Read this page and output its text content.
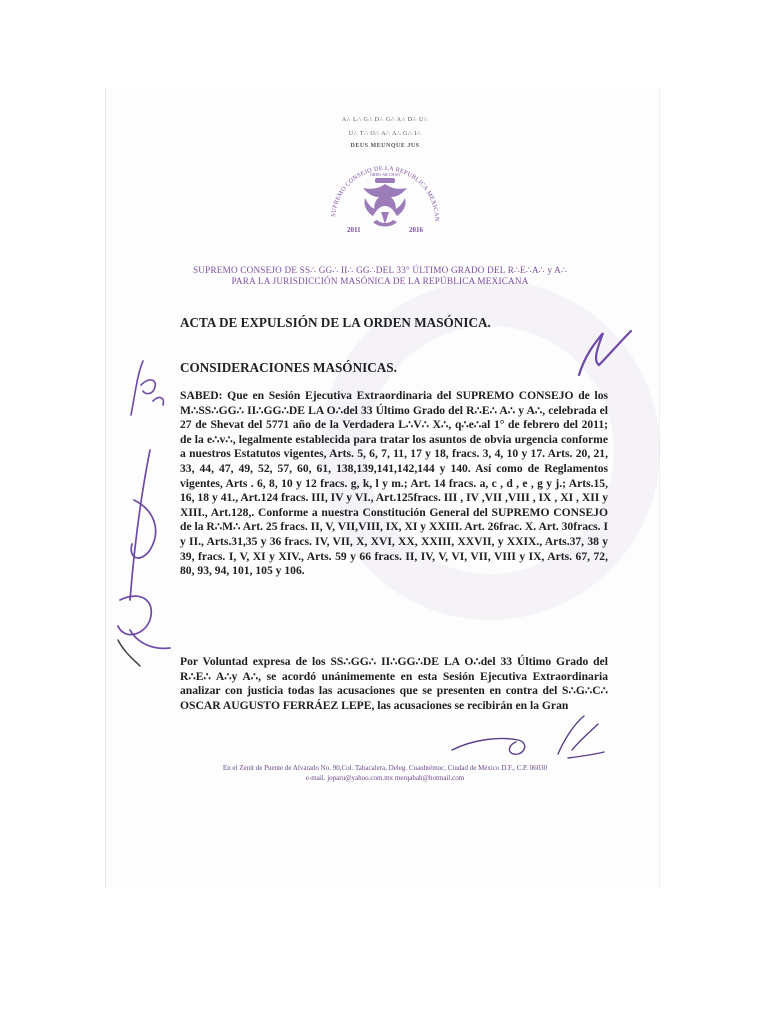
A∴ L∴ G∴ D∴ G∴ A∴ D∴ U∴
U∴ T∴ O∴ A∴ A∴ G∴ I∴
DEUS MEUNQUE JUS
SUPREMO CONSEJO DE LA REPUBLICA MEXICAN
ORDO AB CHAO
2011	2016
SUPREMO CONSEJO DE SS∴ GG∴ II∴ GG∴DEL 33° ÚLTIMO GRADO DEL R∴E∴A∴ y A∴
PARA LA JURISDICCIÓN MASÓNICA DE LA REPÚBLICA MEXICANA
ACTA DE EXPULSIÓN DE LA ORDEN MASÓNICA.
CONSIDERACIONES MASÓNICAS.

SABED: Que en Sesión Ejecutiva Extraordinaria del SUPREMO CONSEJO de los M∴SS∴GG∴ II∴GG∴DE LA O∴del 33 Último Grado del R∴E∴ A∴ y A∴, celebrada el 27 de Shevat del 5771 año de la Verdadera L∴V∴ X∴, q∴e∴al 1° de febrero del 2011; de la e∴v∴, legalmente establecida para tratar los asuntos de obvia urgencia conforme a nuestros Estatutos vigentes, Arts. 5, 6, 7, 11, 17 y 18, fracs. 3, 4, 10 y 17. Arts. 20, 21, 33, 44, 47, 49, 52, 57, 60, 61, 138,139,141,142,144 y 140. Así como de Reglamentos vigentes, Arts . 6, 8, 10 y 12 fracs. g, k, l y m.; Art. 14 fracs. a, c , d , e , g y j.; Arts.15, 16, 18 y 41., Art.124 fracs. III, IV y VI., Art.125fracs. III , IV ,VII ,VIII , IX , XI , XII y XIII., Art.128,. Conforme a nuestra Constitución General del SUPREMO CONSEJO de la R∴M∴ Art. 25 fracs. II, V, VII,VIII, IX, XI y XXIII. Art. 26frac. X. Art. 30fracs. I y II., Arts.31,35 y 36 fracs. IV, VII, X, XVI, XX, XXIII, XXVII, y XXIX., Arts.37, 38 y 39, fracs. I, V, XI y XIV., Arts. 59 y 66 fracs. II, IV, V, VI, VII, VIII y IX, Arts. 67, 72, 80, 93, 94, 101, 105 y 106.

Por Voluntad expresa de los SS∴GG∴ II∴GG∴DE LA O∴del 33 Último Grado del R∴E∴ A∴y A∴, se acordó unánimemente en esta Sesión Ejecutiva Extraordinaria analizar con justicia todas las acusaciones que se presenten en contra del S∴G∴C∴ OSCAR AUGUSTO FERRÁEZ LEPE, las acusaciones se recibirán en la Gran

En el Zenit de Puente de Alvarado No. 90,Col. Tabacalera, Deleg. Cuauhtémoc, Ciudad de México D.F., C.P. 06030
e-mail. joparu@yahoo.com.mx merqabah@hotmail.com
